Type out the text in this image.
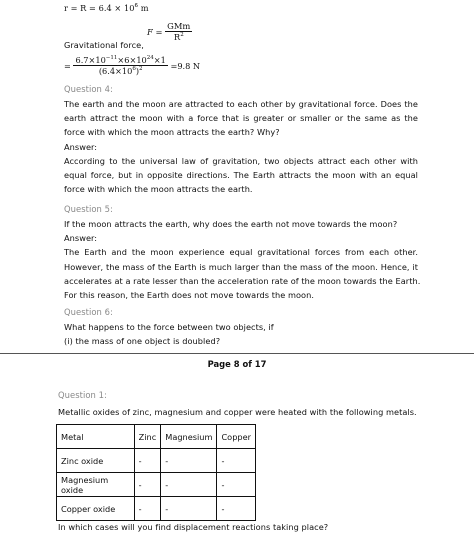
$r = R = 6.4 \times 10^6$ m
Gravitational force,
$F = \frac{\text{GMm}}{R^2}$
= $\frac{6.7\times 10^{-11}\times 6\times 10^{24}\times 1}{(6.4\times 10^6)^2} =9.8$ N
Question 4:
The earth and the moon are attracted to each other by gravitational force. Does the
earth attract the moon with a force that is greater or smaller or the same as the
force with which the moon attracts the earth? Why?
Answer:
According to the universal law of gravitation, two objects attract each other with
equal force, but in opposite directions. The Earth attracts the moon with an equal
force with which the moon attracts the earth.
Question 5:
If the moon attracts the earth, why does the earth not move towards the moon?
Answer:
The Earth and the moon experience equal gravitational forces from each other.
However, the mass of the Earth is much larger than the mass of the moon. Hence, it
accelerates at a rate lesser than the acceleration rate of the moon towards the Earth.
For this reason, the Earth does not move towards the moon.
Question 6:
What happens to the force between two objects, if
(i) the mass of one object is doubled?
Page 8 of 17
Question 1:
Metallic oxides of zinc, magnesium and copper were heated with the following metals.
Metal	Zinc	Magnesium	Copper
Zinc oxide	-	-	-
Magnesium oxide	-	-	-
Copper oxide	-	-	-
In which cases will you find displacement reactions taking place?
